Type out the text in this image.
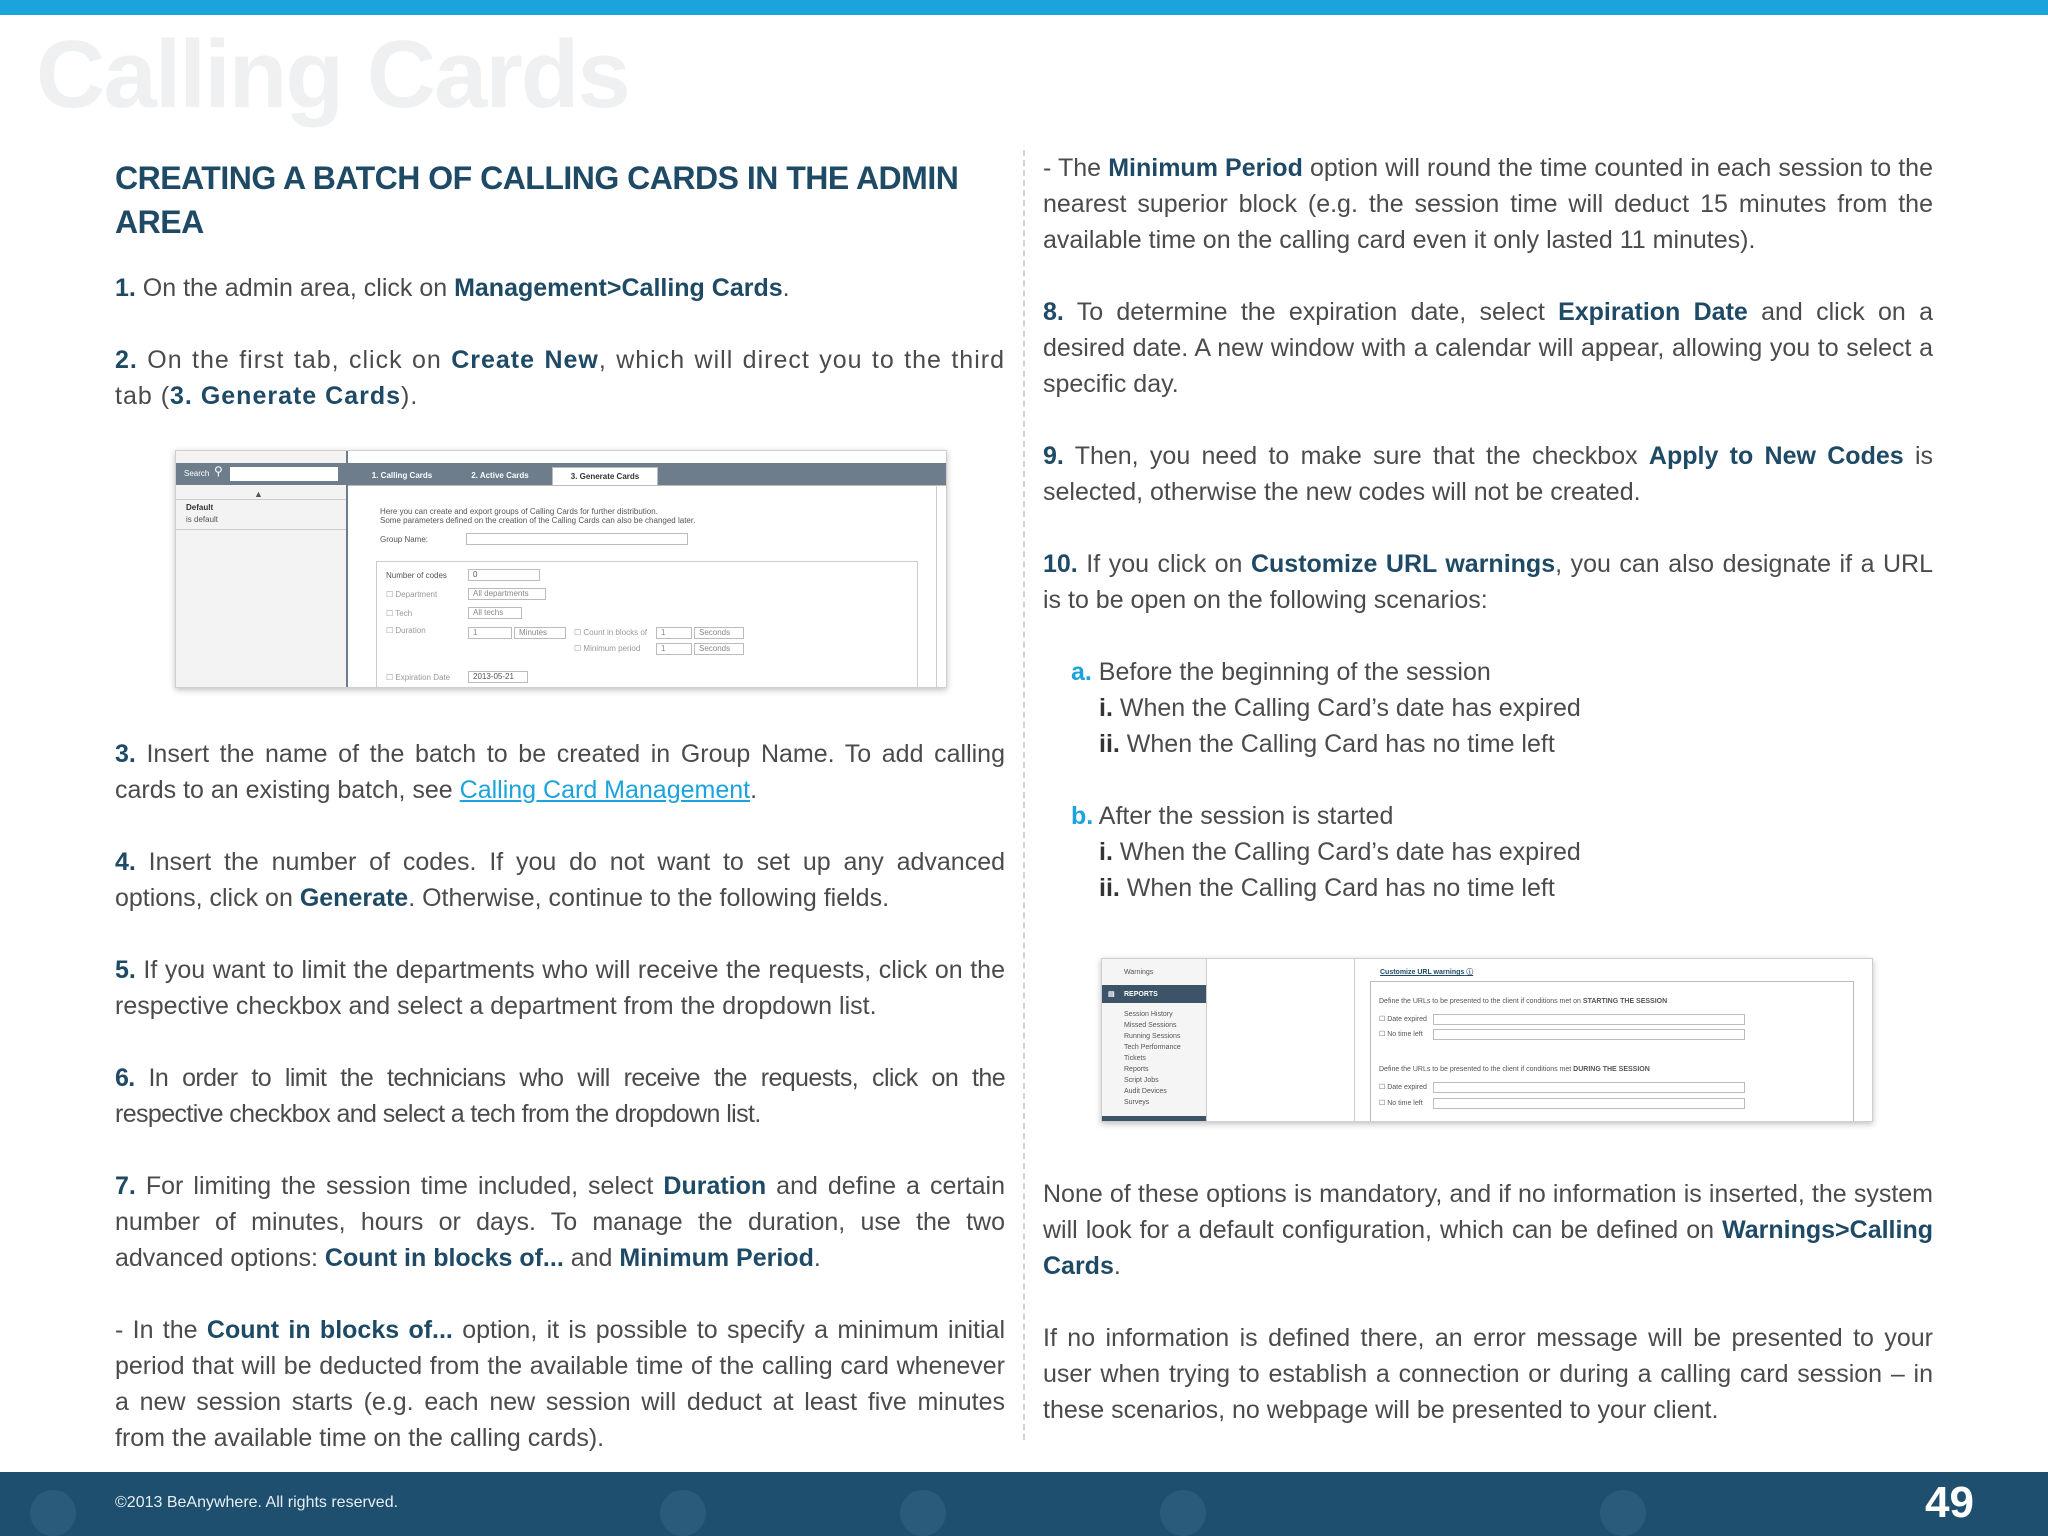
Calling Cards
CREATING A BATCH OF CALLING CARDS IN THE ADMIN AREA

1. On the admin area, click on Management>Calling Cards.

2. On the first tab, click on Create New, which will direct you to the third tab (3. Generate Cards).

Search ⚲
▲
Default
is default
1. Calling Cards	2. Active Cards	3. Generate Cards
Here you can create and export groups of Calling Cards for further distribution.
Some parameters defined on the creation of the Calling Cards can also be changed later.
Group Name:
Number of codes	0
☐ Department	All departments
☐ Tech	All techs
☐ Duration	1	Minutes	☐ Count in blocks of	1	Seconds
☐ Minimum period	1	Seconds
☐ Expiration Date	2013-05-21

3. Insert the name of the batch to be created in Group Name. To add calling cards to an existing batch, see Calling Card Management.

4. Insert the number of codes. If you do not want to set up any advanced options, click on Generate. Otherwise, continue to the following fields.

5. If you want to limit the departments who will receive the requests, click on the respective checkbox and select a department from the dropdown list.

6. In order to limit the technicians who will receive the requests, click on the respective checkbox and select a tech from the dropdown list.

7. For limiting the session time included, select Duration and define a certain number of minutes, hours or days. To manage the duration, use the two advanced options: Count in blocks of... and Minimum Period.

- In the Count in blocks of... option, it is possible to specify a minimum initial period that will be deducted from the available time of the calling card whenever a new session starts (e.g. each new session will deduct at least five minutes from the available time on the calling cards).

- The Minimum Period option will round the time counted in each session to the nearest superior block (e.g. the session time will deduct 15 minutes from the available time on the calling card even it only lasted 11 minutes).

8. To determine the expiration date, select Expiration Date and click on a desired date. A new window with a calendar will appear, allowing you to select a specific day.

9. Then, you need to make sure that the checkbox Apply to New Codes is selected, otherwise the new codes will not be created.

10. If you click on Customize URL warnings, you can also designate if a URL is to be open on the following scenarios:

a. Before the beginning of the session
i. When the Calling Card’s date has expired
ii. When the Calling Card has no time left
b. After the session is started
i. When the Calling Card’s date has expired
ii. When the Calling Card has no time left
Warnings
▤ REPORTS
Session History
Missed Sessions
Running Sessions
Tech Performance
Tickets
Reports
Script Jobs
Audit Devices
Surveys
Customize URL warnings ⓘ
Define the URLs to be presented to the client if conditions met on STARTING THE SESSION
☐ Date expired
☐ No time left
Define the URLs to be presented to the client if conditions met DURING THE SESSION
☐ Date expired
☐ No time left

None of these options is mandatory, and if no information is inserted, the system will look for a default configuration, which can be defined on Warnings>Calling Cards.

If no information is defined there, an error message will be presented to your user when trying to establish a connection or during a calling card session – in these scenarios, no webpage will be presented to your client.

©2013 BeAnywhere. All rights reserved.	49
